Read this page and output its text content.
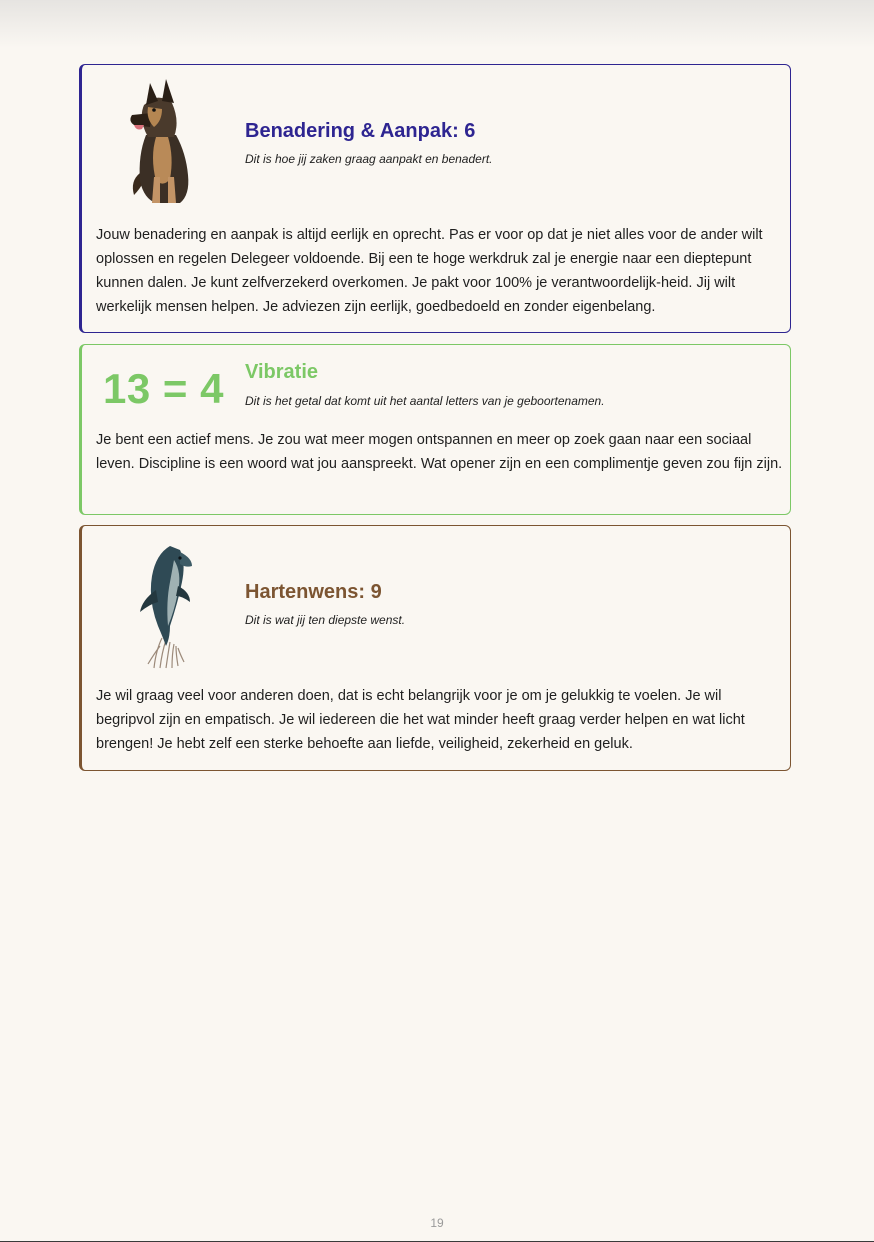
Benadering & Aanpak: 6

Dit is hoe jij zaken graag aanpakt en benadert.

Jouw benadering en aanpak is altijd eerlijk en oprecht. Pas er voor op dat je niet alles voor de ander wilt oplossen en regelen Delegeer voldoende. Bij een te hoge werkdruk zal je energie naar een dieptepunt kunnen dalen. Je kunt zelfverzekerd overkomen. Je pakt voor 100% je verantwoordelijk-heid. Jij wilt werkelijk mensen helpen. Je adviezen zijn eerlijk, goedbedoeld en zonder eigenbelang.

13 = 4 Vibratie

Dit is het getal dat komt uit het aantal letters van je geboortenamen.

Je bent een actief mens. Je zou wat meer mogen ontspannen en meer op zoek gaan naar een sociaal leven. Discipline is een woord wat jou aanspreekt. Wat opener zijn en een complimentje geven zou fijn zijn.

Hartenwens: 9

Dit is wat jij ten diepste wenst.

Je wil graag veel voor anderen doen, dat is echt belangrijk voor je om je gelukkig te voelen. Je wil begripvol zijn en empatisch. Je wil iedereen die het wat minder heeft graag verder helpen en wat licht brengen! Je hebt zelf een sterke behoefte aan liefde, veiligheid, zekerheid en geluk.

19
